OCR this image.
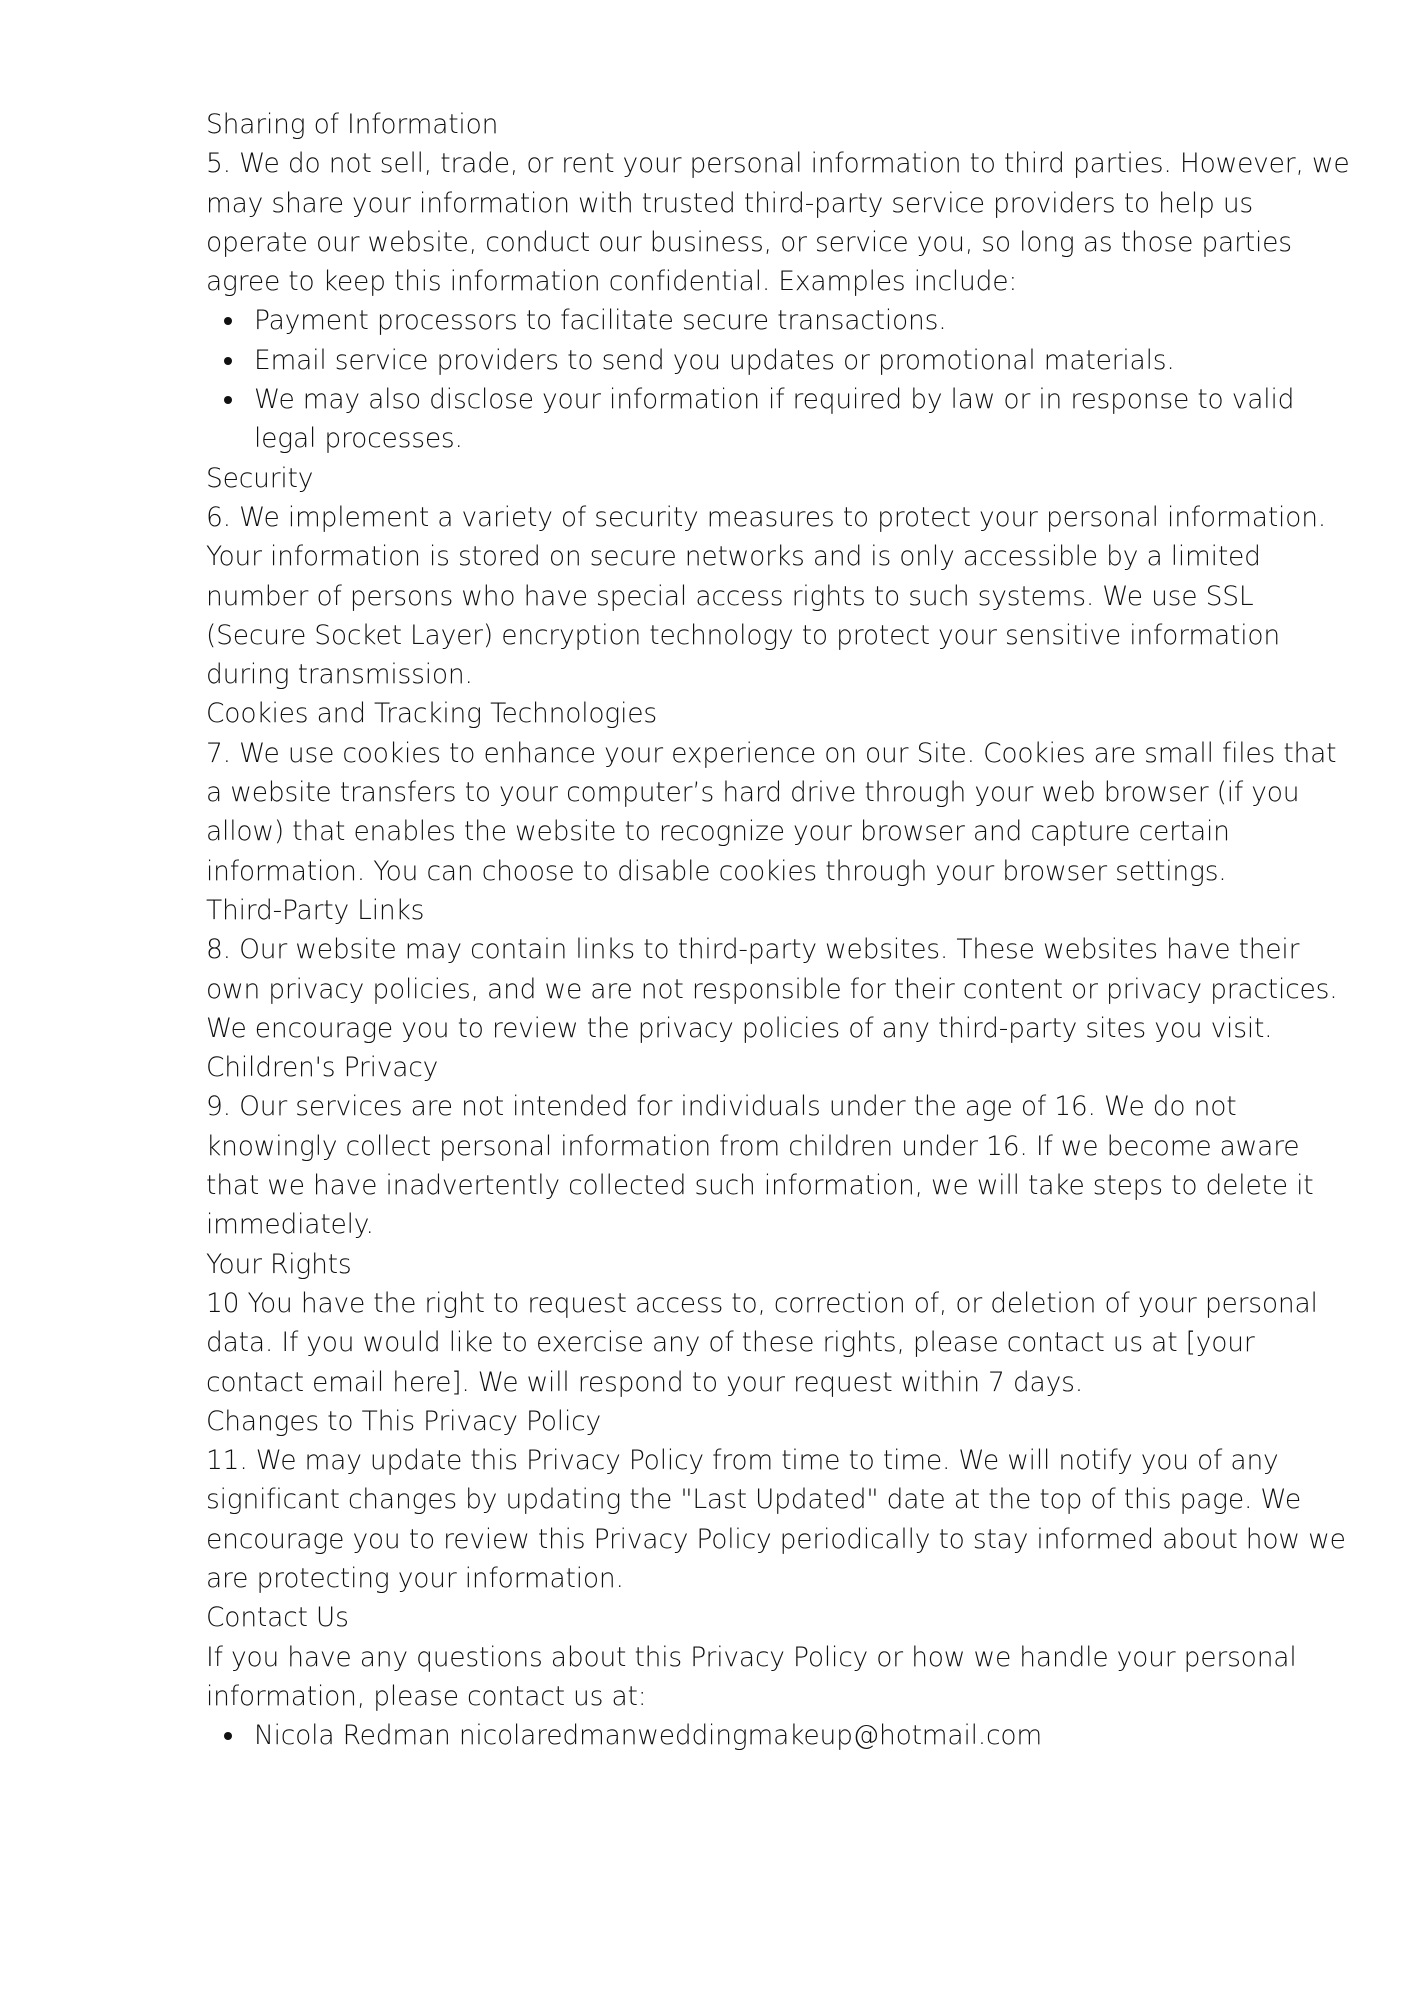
Sharing of Information

5. We do not sell, trade, or rent your personal information to third parties. However, we may share your information with trusted third-party service providers to help us operate our website, conduct our business, or service you, so long as those parties agree to keep this information confidential. Examples include:

Payment processors to facilitate secure transactions.
Email service providers to send you updates or promotional materials.
We may also disclose your information if required by law or in response to valid legal processes.

Security

6. We implement a variety of security measures to protect your personal information. Your information is stored on secure networks and is only accessible by a limited number of persons who have special access rights to such systems. We use SSL (Secure Socket Layer) encryption technology to protect your sensitive information during transmission.

Cookies and Tracking Technologies

7. We use cookies to enhance your experience on our Site. Cookies are small files that a website transfers to your computer’s hard drive through your web browser (if you allow) that enables the website to recognize your browser and capture certain information. You can choose to disable cookies through your browser settings.

Third-Party Links

8. Our website may contain links to third-party websites. These websites have their own privacy policies, and we are not responsible for their content or privacy practices. We encourage you to review the privacy policies of any third-party sites you visit.

Children's Privacy

9. Our services are not intended for individuals under the age of 16. We do not knowingly collect personal information from children under 16. If we become aware that we have inadvertently collected such information, we will take steps to delete it immediately.

Your Rights

10 You have the right to request access to, correction of, or deletion of your personal data. If you would like to exercise any of these rights, please contact us at [your contact email here]. We will respond to your request within 7 days.

Changes to This Privacy Policy

11. We may update this Privacy Policy from time to time. We will notify you of any significant changes by updating the "Last Updated" date at the top of this page. We encourage you to review this Privacy Policy periodically to stay informed about how we are protecting your information.

Contact Us

If you have any questions about this Privacy Policy or how we handle your personal information, please contact us at:

Nicola Redman nicolaredmanweddingmakeup@hotmail.com
